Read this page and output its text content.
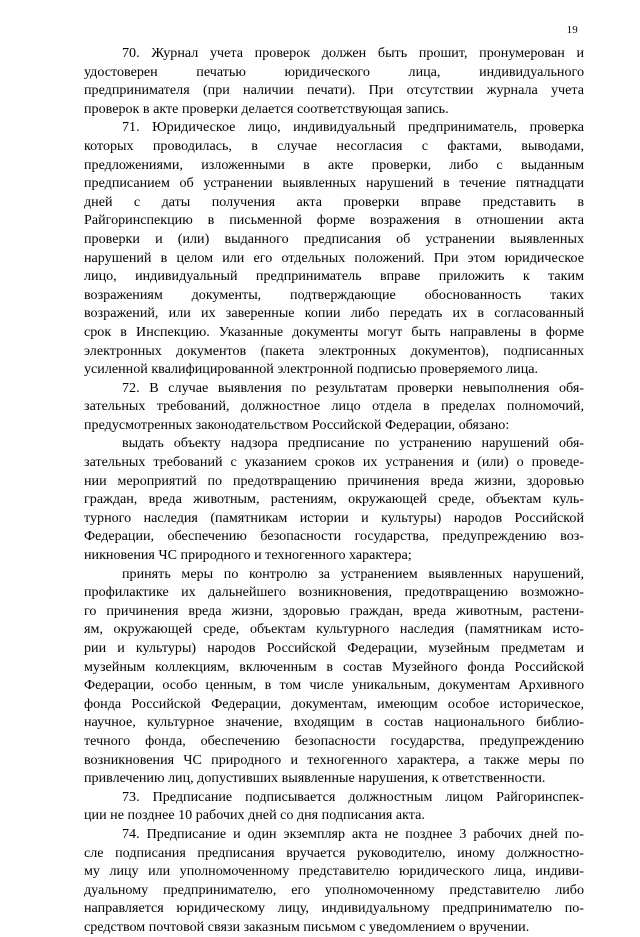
19
70. Журнал учета проверок должен быть прошит, пронумерован и
удостоверен печатью юридического лица, индивидуального
предпринимателя (при наличии печати). При отсутствии журнала учета
проверок в акте проверки делается соответствующая запись.
71. Юридическое лицо, индивидуальный предприниматель, проверка
которых проводилась, в случае несогласия с фактами, выводами,
предложениями, изложенными в акте проверки, либо с выданным
предписанием об устранении выявленных нарушений в течение пятнадцати
дней с даты получения акта проверки вправе представить в
Райгоринспекцию в письменной форме возражения в отношении акта
проверки и (или) выданного предписания об устранении выявленных
нарушений в целом или его отдельных положений. При этом юридическое
лицо, индивидуальный предприниматель вправе приложить к таким
возражениям документы, подтверждающие обоснованность таких
возражений, или их заверенные копии либо передать их в согласованный
срок в Инспекцию. Указанные документы могут быть направлены в форме
электронных документов (пакета электронных документов), подписанных
усиленной квалифицированной электронной подписью проверяемого лица.
72. В случае выявления по результатам проверки невыполнения обя-
зательных требований, должностное лицо отдела в пределах полномочий,
предусмотренных законодательством Российской Федерации, обязано:
выдать объекту надзора предписание по устранению нарушений обя-
зательных требований с указанием сроков их устранения и (или) о проведе-
нии мероприятий по предотвращению причинения вреда жизни, здоровью
граждан, вреда животным, растениям, окружающей среде, объектам куль-
турного наследия (памятникам истории и культуры) народов Российской
Федерации, обеспечению безопасности государства, предупреждению воз-
никновения ЧС природного и техногенного характера;
принять меры по контролю за устранением выявленных нарушений,
профилактике их дальнейшего возникновения, предотвращению возможно-
го причинения вреда жизни, здоровью граждан, вреда животным, растени-
ям, окружающей среде, объектам культурного наследия (памятникам исто-
рии и культуры) народов Российской Федерации, музейным предметам и
музейным коллекциям, включенным в состав Музейного фонда Российской
Федерации, особо ценным, в том числе уникальным, документам Архивного
фонда Российской Федерации, документам, имеющим особое историческое,
научное, культурное значение, входящим в состав национального библио-
течного фонда, обеспечению безопасности государства, предупреждению
возникновения ЧС природного и техногенного характера, а также меры по
привлечению лиц, допустивших выявленные нарушения, к ответственности.
73. Предписание подписывается должностным лицом Райгоринспек-
ции не позднее 10 рабочих дней со дня подписания акта.
74. Предписание и один экземпляр акта не позднее 3 рабочих дней по-
сле подписания предписания вручается руководителю, иному должностно-
му лицу или уполномоченному представителю юридического лица, индиви-
дуальному предпринимателю, его уполномоченному представителю либо
направляется юридическому лицу, индивидуальному предпринимателю по-
средством почтовой связи заказным письмом с уведомлением о вручении.
